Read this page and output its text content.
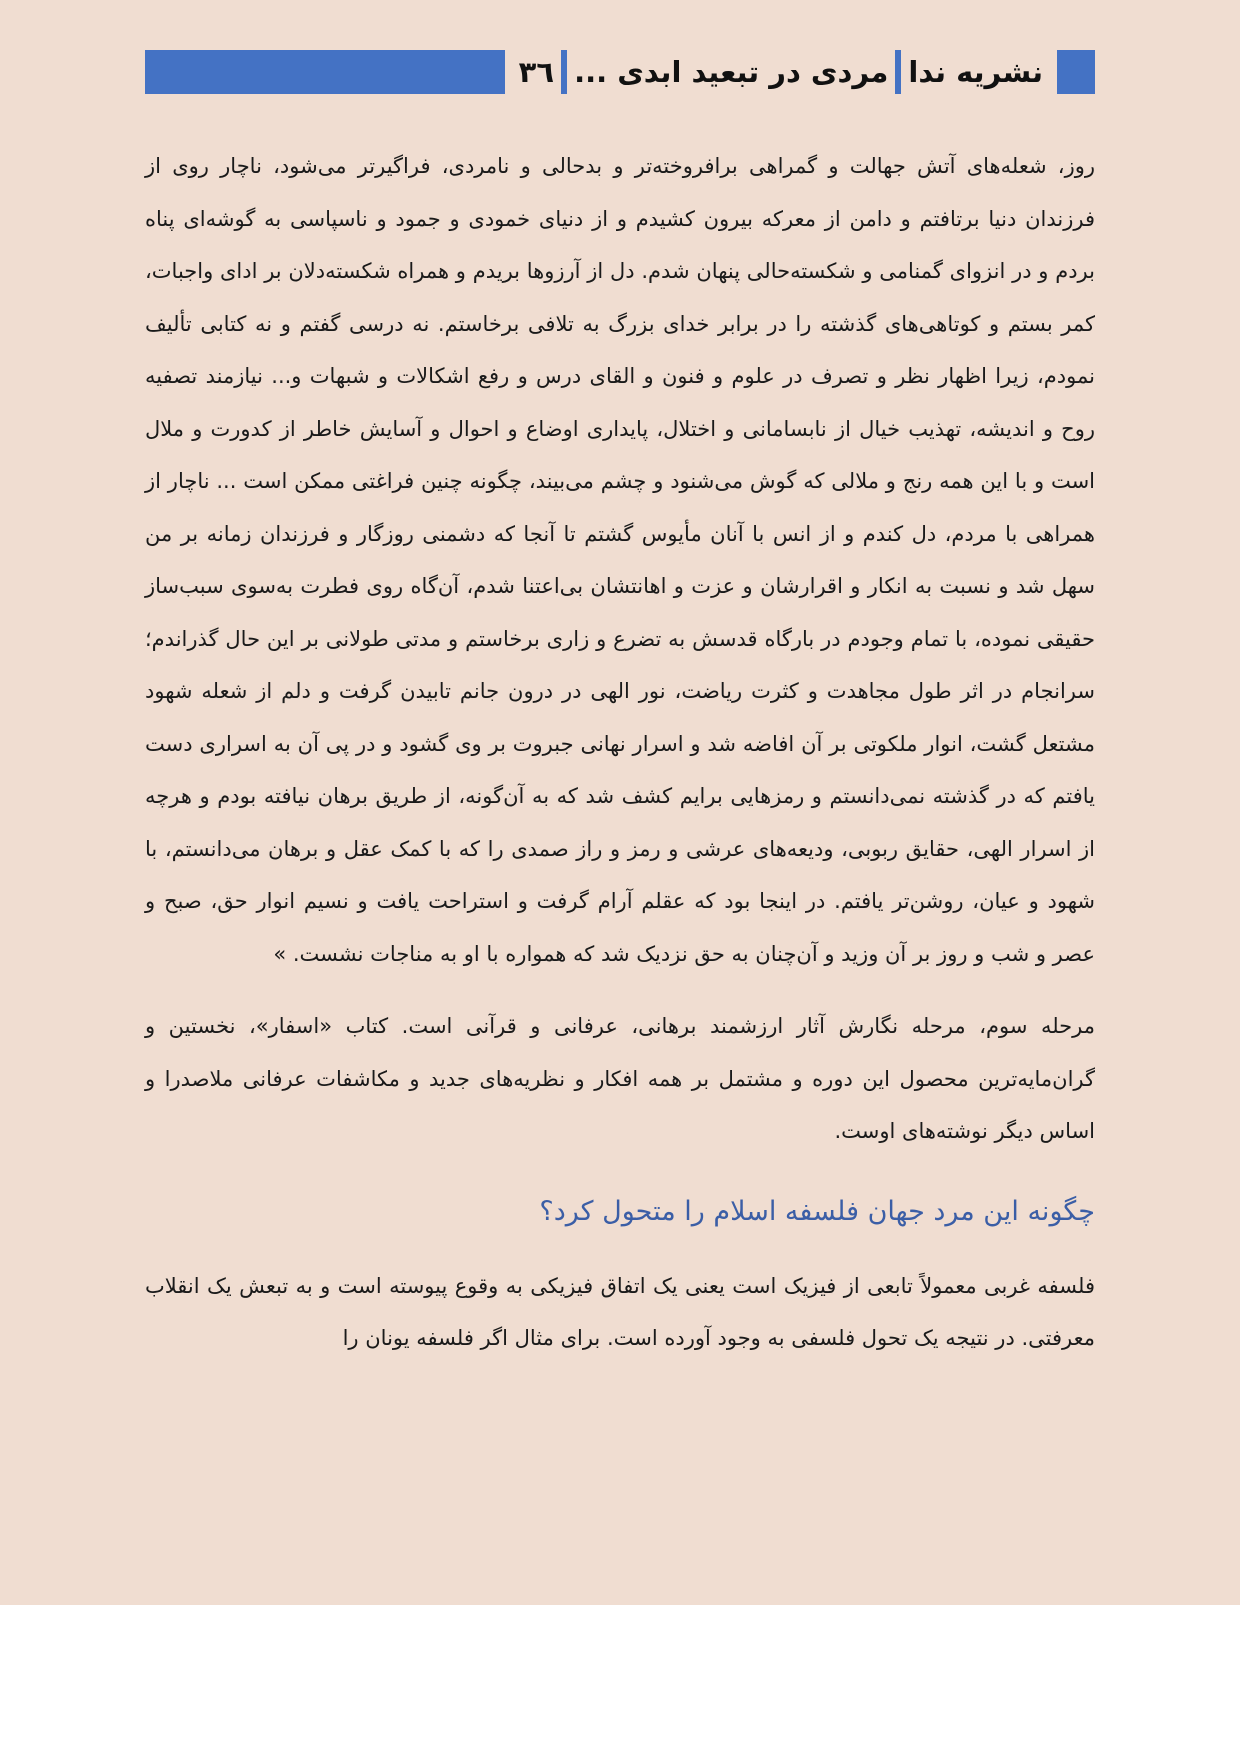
نشریه ندا
مردی در تبعید ابدی ...
۳٦

روز، شعله‌های آتش جهالت و گمراهی برافروخته‌تر و بدحالی و نامردی، فراگیرتر می‌شود، ناچار روی از فرزندان دنیا برتافتم و دامن از معرکه بیرون کشیدم و از دنیای خمودی و جمود و ناسپاسی به گوشه‌ای پناه بردم و در انزوای گمنامی و شکسته‌حالی پنهان شدم. دل از آرزوها بریدم و همراه شکسته‌دلان بر ادای واجبات، کمر بستم و کوتاهی‌های گذشته را در برابر خدای بزرگ به تلافی برخاستم. نه درسی گفتم و نه کتابی تألیف نمودم، زیرا اظهار نظر و تصرف در علوم و فنون و القای درس و رفع اشکالات و شبهات و... نیازمند تصفیه روح و اندیشه، تهذیب خیال از نابسامانی و اختلال، پایداری اوضاع و احوال و آسایش خاطر از کدورت و ملال است و با این همه رنج و ملالی که گوش می‌شنود و چشم می‌بیند، چگونه چنین فراغتی ممکن است ... ناچار از همراهی با مردم، دل کندم و از انس با آنان مأیوس گشتم تا آنجا که دشمنی روزگار و فرزندان زمانه بر من سهل شد و نسبت به انکار و اقرارشان و عزت و اهانتشان بی‌اعتنا شدم، آن‌گاه روی فطرت به‌سوی سبب‌ساز حقیقی نموده، با تمام وجودم در بارگاه قدسش به تضرع و زاری برخاستم و مدتی طولانی بر این حال گذراندم؛ سرانجام در اثر طول مجاهدت و کثرت ریاضت، نور الهی در درون جانم تابیدن گرفت و دلم از شعله شهود مشتعل گشت، انوار ملکوتی بر آن افاضه شد و اسرار نهانی جبروت بر وی گشود و در پی آن به اسراری دست یافتم که در گذشته نمی‌دانستم و رمزهایی برایم کشف شد که به آن‌گونه، از طریق برهان نیافته بودم و هرچه از اسرار الهی، حقایق ربوبی، ودیعه‌های عرشی و رمز و راز صمدی را که با کمک عقل و برهان می‌دانستم، با شهود و عیان، روشن‌تر یافتم. در اینجا بود که عقلم آرام گرفت و استراحت یافت و نسیم انوار حق، صبح و عصر و شب و روز بر آن وزید و آن‌چنان به حق نزدیک شد که همواره با او به مناجات نشست. »

مرحله سوم، مرحله نگارش آثار ارزشمند برهانی، عرفانی و قرآنی است. کتاب «اسفار»، نخستین و گران‌مایه‌ترین محصول این دوره و مشتمل بر همه افکار و نظریه‌های جدید و مکاشفات عرفانی ملاصدرا و اساس دیگر نوشته‌های اوست.

چگونه این مرد جهان فلسفه اسلام را متحول کرد؟

فلسفه غربی معمولاً تابعی از فیزیک است یعنی یک اتفاق فیزیکی به وقوع پیوسته است و به تبعش یک انقلاب معرفتی. در نتیجه یک تحول فلسفی به وجود آورده است. برای مثال اگر فلسفه یونان را
